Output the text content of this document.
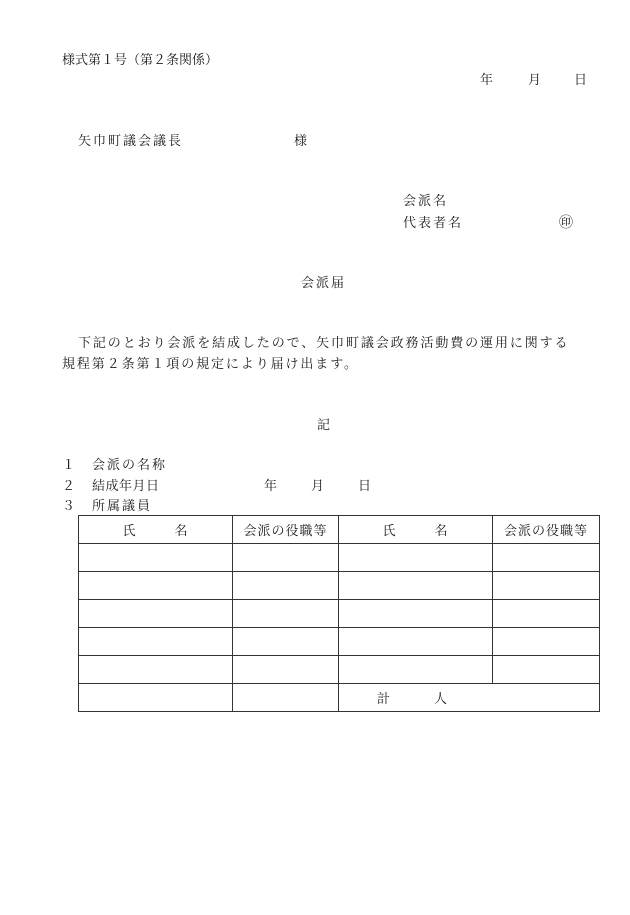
様式第１号（第２条関係）
年	月	日
矢巾町議会議長	様
会派名
代表者名	㊞
会派届
下記のとおり会派を結成したので、矢巾町議会政務活動費の運用に関する
規程第２条第１項の規定により届け出ます。
記
１ 会派の名称
２ 結成年月日	年	月	日
３ 所属議員
氏 名	会派の役職等	氏 名	会派の役職等

		計 人	
